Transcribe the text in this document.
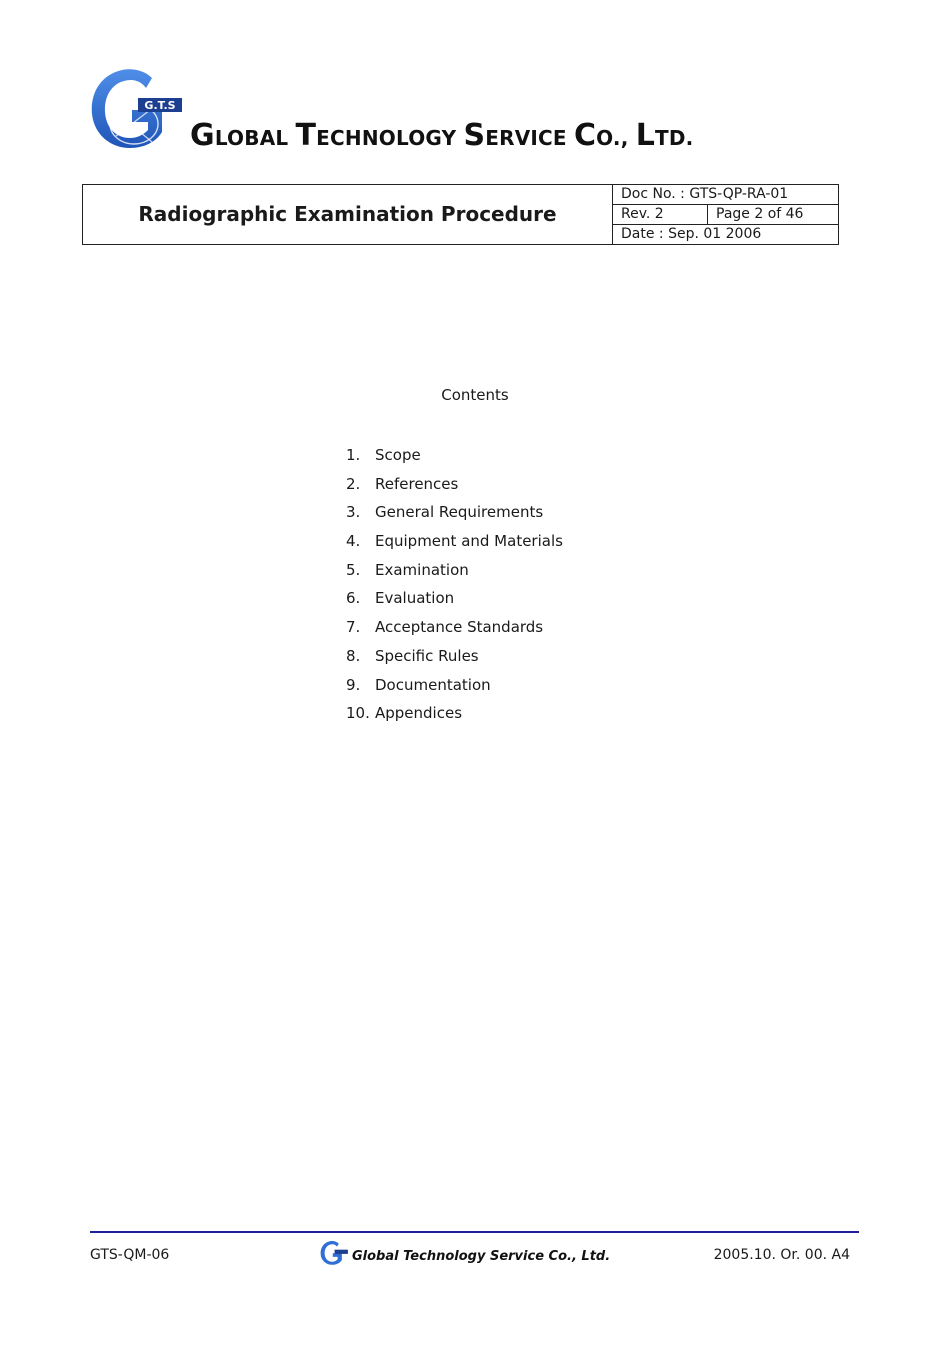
G.T.S
GLOBAL TECHNOLOGY SERVICE CO., LTD.
Radiographic Examination Procedure	Doc No. : GTS-QP-RA-01	
	Rev. 2	Page 2 of 46
	Date : Sep. 01 2006	
Contents
1. Scope
2. References
3. General Requirements
4. Equipment and Materials
5. Examination
6. Evaluation
7. Acceptance Standards
8. Specific Rules
9. Documentation
10. Appendices
GTS-QM-06	Global Technology Service Co., Ltd.	2005.10. Or. 00. A4
